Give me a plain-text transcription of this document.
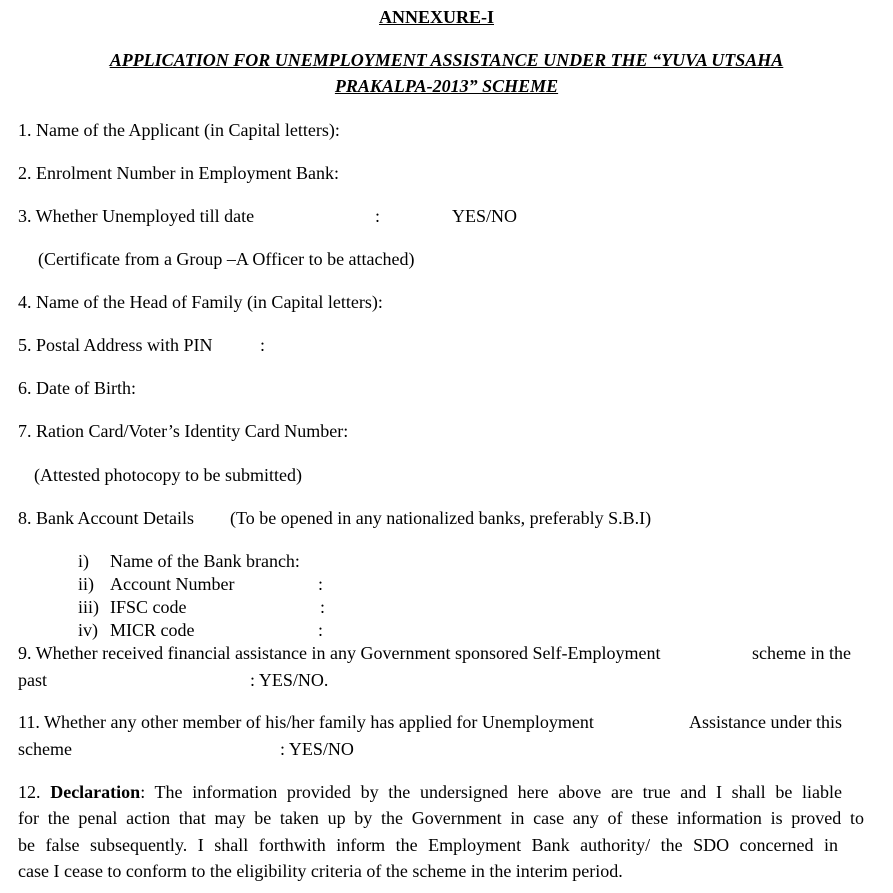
ANNEXURE-I
APPLICATION FOR UNEMPLOYMENT ASSISTANCE UNDER THE “YUVA UTSAHA
PRAKALPA-2013” SCHEME
1. Name of the Applicant (in Capital letters):
2. Enrolment Number in Employment Bank:
3. Whether Unemployed till date	:	YES/NO
(Certificate from a Group –A Officer to be attached)
4. Name of the Head of Family (in Capital letters):
5. Postal Address with PIN	:
6. Date of Birth:
7. Ration Card/Voter’s Identity Card Number:
(Attested photocopy to be submitted)
8. Bank Account Details (To be opened in any nationalized banks, preferably S.B.I)
i) Name of the Bank branch:
ii) Account Number	:
iii) IFSC code	:
iv) MICR code	:
9. Whether received financial assistance in any Government sponsored Self-Employment	scheme in the
past	: YES/NO.
11. Whether any other member of his/her family has applied for Unemployment	Assistance under this
scheme	: YES/NO
12. Declaration: The information provided by the undersigned here above are true and I shall be liable
for the penal action that may be taken up by the Government in case any of these information is proved to
be false subsequently. I shall forthwith inform the Employment Bank authority/ the SDO concerned in
case I cease to conform to the eligibility criteria of the scheme in the interim period.
